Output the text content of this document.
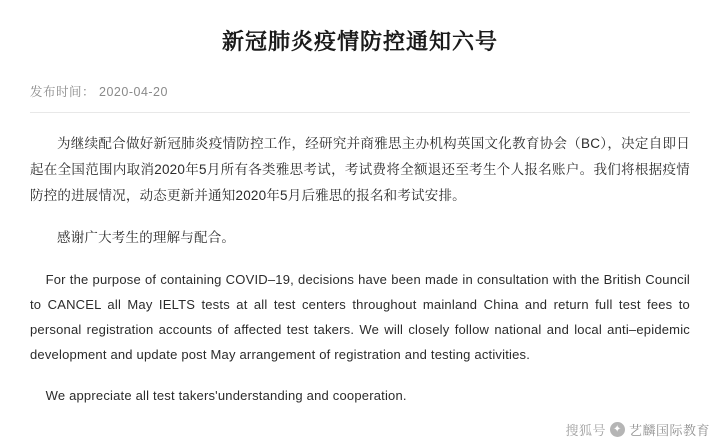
新冠肺炎疫情防控通知六号
发布时间： 2020-04-20

为继续配合做好新冠肺炎疫情防控工作，经研究并商雅思主办机构英国文化教育协会（BC），决定自即日起在全国范围内取消2020年5月所有各类雅思考试，考试费将全额退还至考生个人报名账户。我们将根据疫情防控的进展情况，动态更新并通知2020年5月后雅思的报名和考试安排。

感谢广大考生的理解与配合。

For the purpose of containing COVID–19, decisions have been made in consultation with the British Council to CANCEL all May IELTS tests at all test centers throughout mainland China and return full test fees to personal registration accounts of affected test takers. We will closely follow national and local anti–epidemic development and update post May arrangement of registration and testing activities.

We appreciate all test takers'understanding and cooperation.

搜狐号 ✦ 艺麟国际教育
